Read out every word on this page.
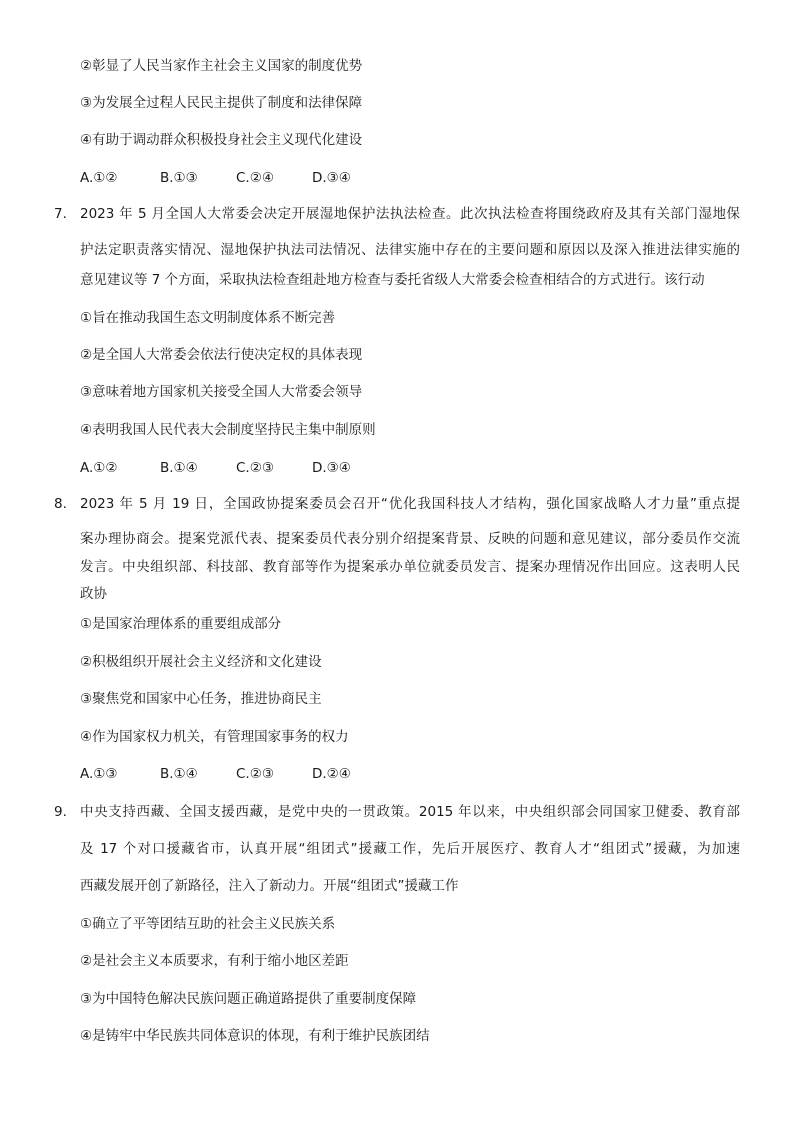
②彰显了人民当家作主社会主义国家的制度优势
③为发展全过程人民民主提供了制度和法律保障
④有助于调动群众积极投身社会主义现代化建设
A.①②	B.①③	C.②④	D.③④
7. 2023 年 5 月全国人大常委会决定开展湿地保护法执法检查。此次执法检查将围绕政府及其有关部门湿地保
护法定职责落实情况、湿地保护执法司法情况、法律实施中存在的主要问题和原因以及深入推进法律实施的
意见建议等 7 个方面，采取执法检查组赴地方检查与委托省级人大常委会检查相结合的方式进行。该行动
①旨在推动我国生态文明制度体系不断完善
②是全国人大常委会依法行使决定权的具体表现
③意味着地方国家机关接受全国人大常委会领导
④表明我国人民代表大会制度坚持民主集中制原则
A.①②	B.①④	C.②③	D.③④
8. 2023 年 5 月 19 日，全国政协提案委员会召开“优化我国科技人才结构，强化国家战略人才力量”重点提
案办理协商会。提案党派代表、提案委员代表分别介绍提案背景、反映的问题和意见建议，部分委员作交流
发言。中央组织部、科技部、教育部等作为提案承办单位就委员发言、提案办理情况作出回应。这表明人民
政协
①是国家治理体系的重要组成部分
②积极组织开展社会主义经济和文化建设
③聚焦党和国家中心任务，推进协商民主
④作为国家权力机关，有管理国家事务的权力
A.①③	B.①④	C.②③	D.②④
9. 中央支持西藏、全国支援西藏，是党中央的一贯政策。2015 年以来，中央组织部会同国家卫健委、教育部
及 17 个对口援藏省市，认真开展“组团式”援藏工作，先后开展医疗、教育人才“组团式”援藏，为加速
西藏发展开创了新路径，注入了新动力。开展“组团式”援藏工作
①确立了平等团结互助的社会主义民族关系
②是社会主义本质要求，有利于缩小地区差距
③为中国特色解决民族问题正确道路提供了重要制度保障
④是铸牢中华民族共同体意识的体现，有利于维护民族团结
